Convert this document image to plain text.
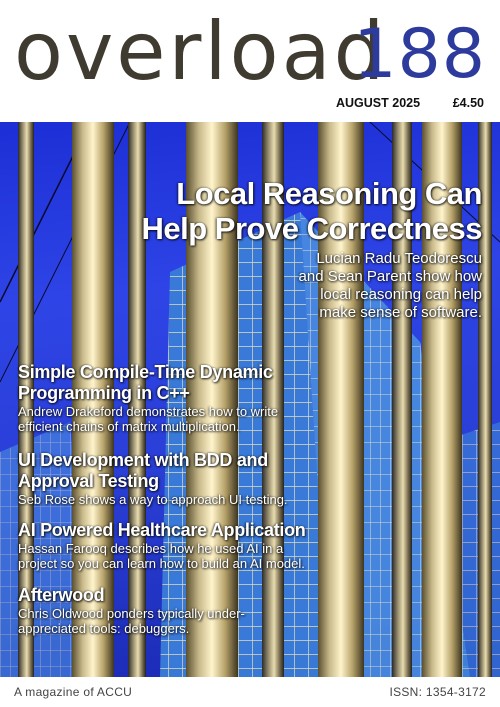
overload
188
AUGUST 2025	£4.50
Local Reasoning Can
Help Prove Correctness

Lucian Radu Teodorescu
and Sean Parent show how
local reasoning can help
make sense of software.

Simple Compile-Time Dynamic
Programming in C++

Andrew Drakeford demonstrates how to write
efficient chains of matrix multiplication.

UI Development with BDD and
Approval Testing

Seb Rose shows a way to approach UI testing.

AI Powered Healthcare Application

Hassan Farooq describes how he used AI in a
project so you can learn how to build an AI model.

Afterwood

Chris Oldwood ponders typically under-
appreciated tools: debuggers.

A magazine of ACCU	ISSN: 1354-3172
